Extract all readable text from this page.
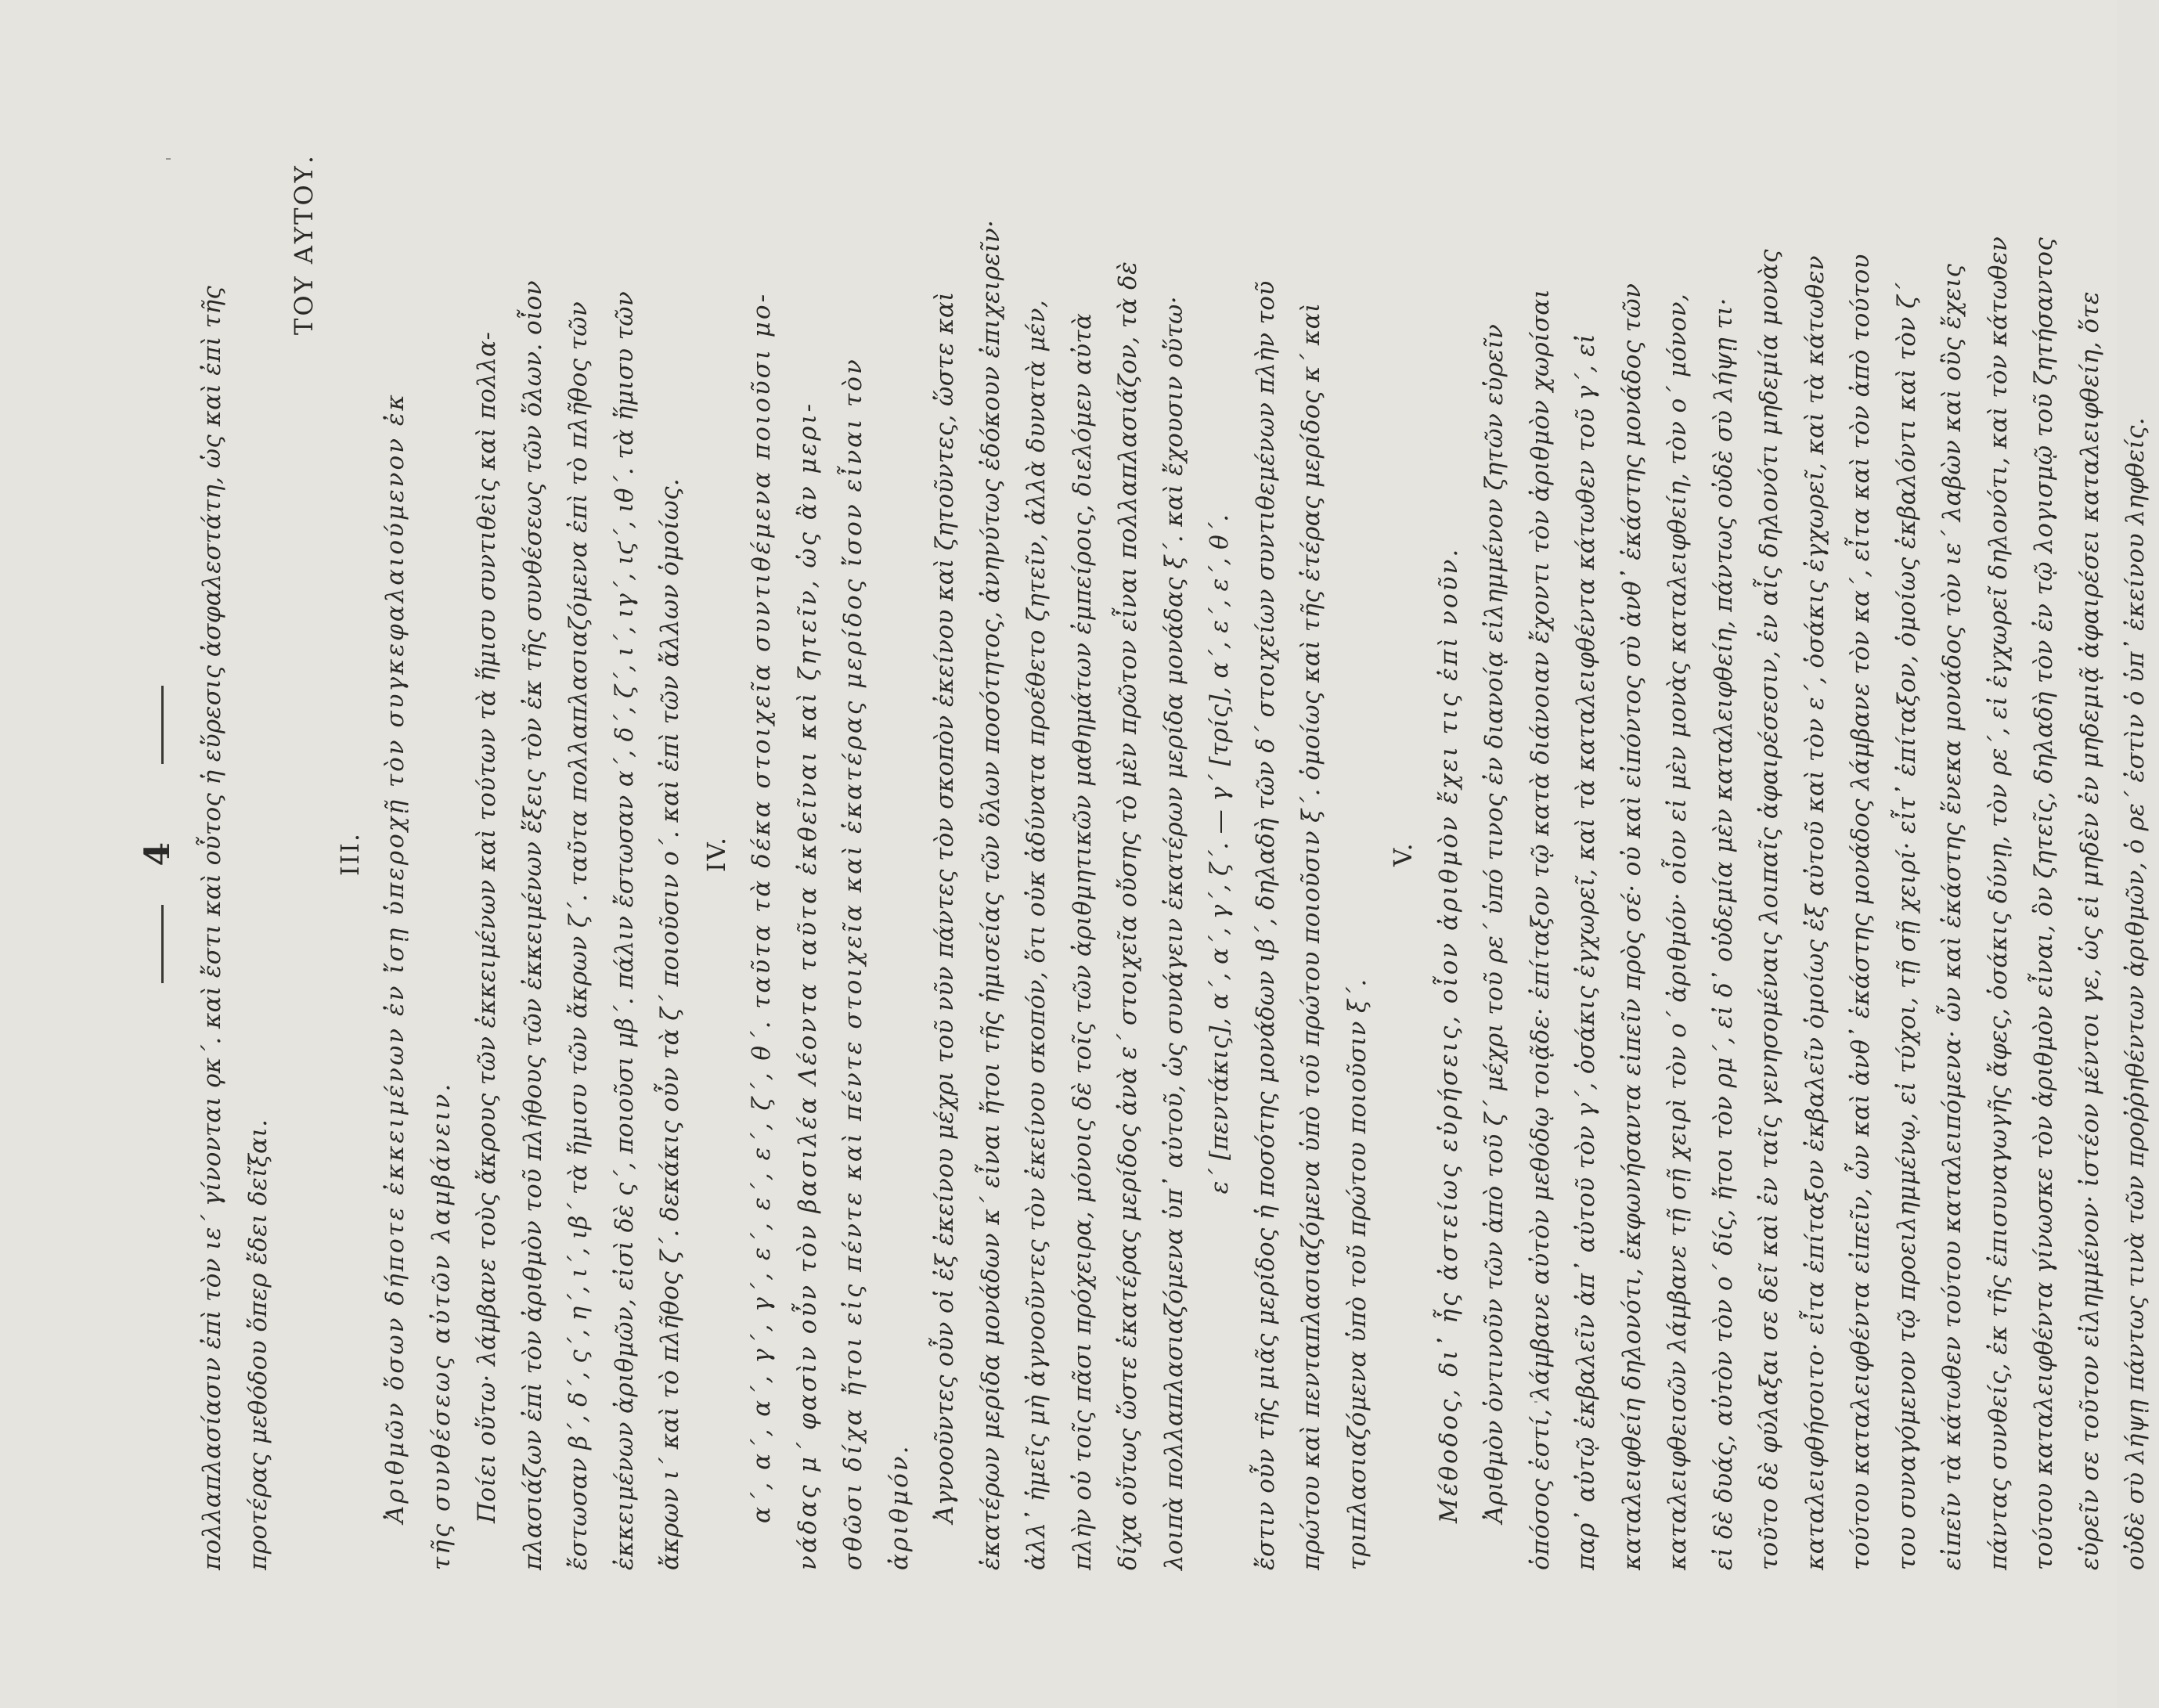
4 πολλαπλασίασιν ἐπὶ τὸν ιε΄ γίνονται ϙκ΄. καὶ ἔστι καὶ οὗτος ἡ εὕρεσις ἀσφαλεστάτη, ὡς καὶ ἐπὶ τῆς προτέρας μεθόδου ὅπερ ἔδει δεῖξαι.

ΤΟΥ ΑΥΤΟΥ.

ΙΙΙ. Ἀριθμῶν ὅσων δήποτε ἐκκειμένων ἐν ἴσῃ ὑπεροχῇ τὸν συγκεφαλαιούμενον ἐκ τῆς συνθέσεως αὐτῶν λαμβάνειν. Ποίει οὕτω· λάμβανε τοὺς ἄκρους τῶν ἐκκειμένων καὶ τούτων τὰ ἥμισυ συντιθεὶς καὶ πολλα- πλασιάζων ἐπὶ τὸν ἀριθμὸν τοῦ πλήθους τῶν ἐκκειμένων ἕξεις τὸν ἐκ τῆς συνθέσεως τῶν ὅλων. οἷον ἔστωσαν β΄, δ΄, ς΄, η΄, ι΄, ιβ΄ τὰ ἥμισυ τῶν ἄκρων ζ΄. ταῦτα πολλαπλασιαζόμενα ἐπὶ τὸ πλῆθος τῶν ἐκκειμένων ἀριθμῶν, εἰσὶ δὲ ς΄, ποιοῦσι μβ΄. πάλιν ἔστωσαν α΄, δ΄, ζ΄, ι΄, ιγ΄, ιϛ΄, ιθ΄. τὰ ἥμισυ τῶν ἄκρων ι΄ καὶ τὸ πλῆθος ζ΄. δεκάκις οὖν τὰ ζ΄ ποιοῦσιν ο΄. καὶ ἐπὶ τῶν ἄλλων ὁμοίως. IV. α΄, α΄, α΄, γ΄, γ΄, ε΄, ε΄, ε΄, ζ΄, θ΄. ταῦτα τὰ δέκα στοιχεῖα συντιθέμενα ποιοῦσι μο- νάδας μ΄ φασὶν οὖν τὸν βασιλέα Λέοντα ταῦτα ἐκθεῖναι καὶ ζητεῖν, ὡς ἂν μερι- σθῶσι δίχα ἤτοι εἰς πέντε καὶ πέντε στοιχεῖα καὶ ἑκατέρας μερίδος ἴσον εἶναι τὸν ἀριθμόν. Ἀγνοοῦντες οὖν οἱ ἐξ ἐκείνου μέχρι τοῦ νῦν πάντες τὸν σκοπὸν ἐκείνου καὶ ζητοῦντες, ὥστε καὶ ἑκατέρων μερίδα μονάδων κ΄ εἶναι ἤτοι τῆς ἡμισείας τῶν ὅλων ποσότητος, ἀνηνύτως ἐδόκουν ἐπιχειρεῖν· ἀλλ᾽ ἡμεῖς μὴ ἀγνοοῦντες τὸν ἐκείνου σκοπόν, ὅτι οὐκ ἀδύνατα προέθετο ζητεῖν, ἀλλὰ δυνατὰ μέν, πλὴν οὐ τοῖς πᾶσι πρόχειρα, μόνοις δὲ τοῖς τῶν ἀριθμητικῶν μαθημάτων ἐμπείροις, διελόμεν αὐτὰ δίχα οὕτως ὥστε ἑκατέρας μερίδος ἀνὰ ε΄ στοιχεῖα οὔσης τὸ μὲν πρῶτον εἶναι πολλαπλασιάζον, τὰ δὲ λοιπὰ πολλαπλασιαζόμενα ὑπ᾽ αὐτοῦ, ὡς συνάγειν ἑκατέρων μερίδα μονάδας ξ΄. καὶ ἔχουσιν οὕτω· ε΄ [πεντάκις], α΄, α΄, γ΄, ζ΄. — γ΄ [τρίς], α΄, ε΄, ε΄, θ΄. ἔστιν οὖν τῆς μιᾶς μερίδος ἡ ποσότης μονάδων ιβ΄, δηλαδὴ τῶν δ΄ στοιχείων συντιθεμένων πλὴν τοῦ πρώτου καὶ πενταπλασιαζόμενα ὑπὸ τοῦ πρώτου ποιοῦσιν ξ΄. ὁμοίως καὶ τῆς ἑτέρας μερίδος κ΄ καὶ τριπλασιαζόμενα ὑπὸ τοῦ πρώτου ποιοῦσιν ξ΄.

V. Μέθοδος, δι᾽ ἧς ἀστείως εὑρήσεις, οἷον ἀριθμὸν ἔχει τις ἐπὶ νοῦν. Ἀριθμὸν ὁντινοῦν τῶν ἀπὸ τοῦ ζ΄ μέχρι τοῦ ρε΄ ὑπό τινος ἐν διανοίᾳ εἰλημμένον ζητῶν εὑρεῖν ὁπόσος ἐστί, λάμβανε αὐτὸν μεθόδῳ τοιᾷδε· ἐπίταξον τῷ κατὰ διάνοιαν ἔχοντι τὸν ἀριθμὸν χωρίσαι παρ᾽ αὐτῷ ἐκβαλεῖν ἀπ᾽ αὐτοῦ τὸν γ΄, ὁσάκις ἐγχωρεῖ, καὶ τὰ καταλειφθέντα κάτωθεν τοῦ γ΄, εἰ καταλειφθείη δηλονότι, ἐκφωνήσαντα εἰπεῖν πρὸς σέ· οὐ καὶ εἰπόντος σὺ ἀνθ᾽ ἑκάστης μονάδος τῶν καταλειφθεισῶν λάμβανε τῇ σῇ χειρὶ τὸν ο΄ ἀριθμόν· οἷον εἰ μὲν μονὰς καταλειφθείη, τὸν ο΄ μόνον, εἰ δὲ δυάς, αὐτὸν τὸν ο΄ δίς, ἤτοι τὸν ρμ΄, εἰ δ᾽ οὐδεμία μὲν καταλειφθείη, πάντως οὐδὲ σὺ λήψῃ τι· τοῦτο δὲ φύλαξαι σε δεῖ καὶ ἐν ταῖς γενησομέναις λοιπαῖς ἀφαιρέσεσιν, ἐν αἷς δηλονότι μηδεμία μονὰς καταλειφθήσοιτο· εἶτα ἐπίταξον ἐκβαλεῖν ὁμοίως ἐξ αὐτοῦ καὶ τὸν ε΄, ὁσάκις ἐγχωρεῖ, καὶ τὰ κάτωθεν τούτου καταλειφθέντα εἰπεῖν, ὧν καὶ ἀνθ᾽ ἑκάστης μονάδος λάμβανε τὸν κα΄, εἶτα καὶ τὸν ἀπὸ τούτου του συναγόμενον τῷ προειλημμένῳ, εἰ τύχοι, τῇ σῇ χειρί· εἶτ᾽ ἐπίταξον, ὁμοίως ἐκβαλόντι καὶ τὸν ζ΄ εἰπεῖν τὰ κάτωθεν τούτου καταλειπόμενα· ὧν καὶ ἑκάστης ἕνεκα μονάδος τὸν ιε΄ λαβὼν καὶ οὓς ἔχεις πάντας συνθείς, ἐκ τῆς ἐπισυναγωγῆς ἄφες, ὁσάκις δύνῃ, τὸν ρε΄, εἰ ἐγχωρεῖ δηλονότι, καὶ τὸν κάτωθεν τούτου καταλειφθέντα γίνωσκε τὸν ἀριθμὸν εἶναι, ὃν ζητεῖς, δηλαδὴ τὸν ἐν τῷ λογισμῷ τοῦ ζητήσαντος εὑρεῖν σε τοῦτον εἰλημμένον· ἰστέον μέντοι γε, ὡς εἰ μηδὲν ἐν μηδεμιᾷ ἀφαιρέσει καταλειφθείη, ὅτε οὐδὲ σὺ λήψῃ πάντως τινὰ τῶν προῤῥηθέντων ἀριθμῶν, ὁ ρε΄ ἐστὶν ὁ ὑπ᾽ ἐκείνου ληφθείς.
